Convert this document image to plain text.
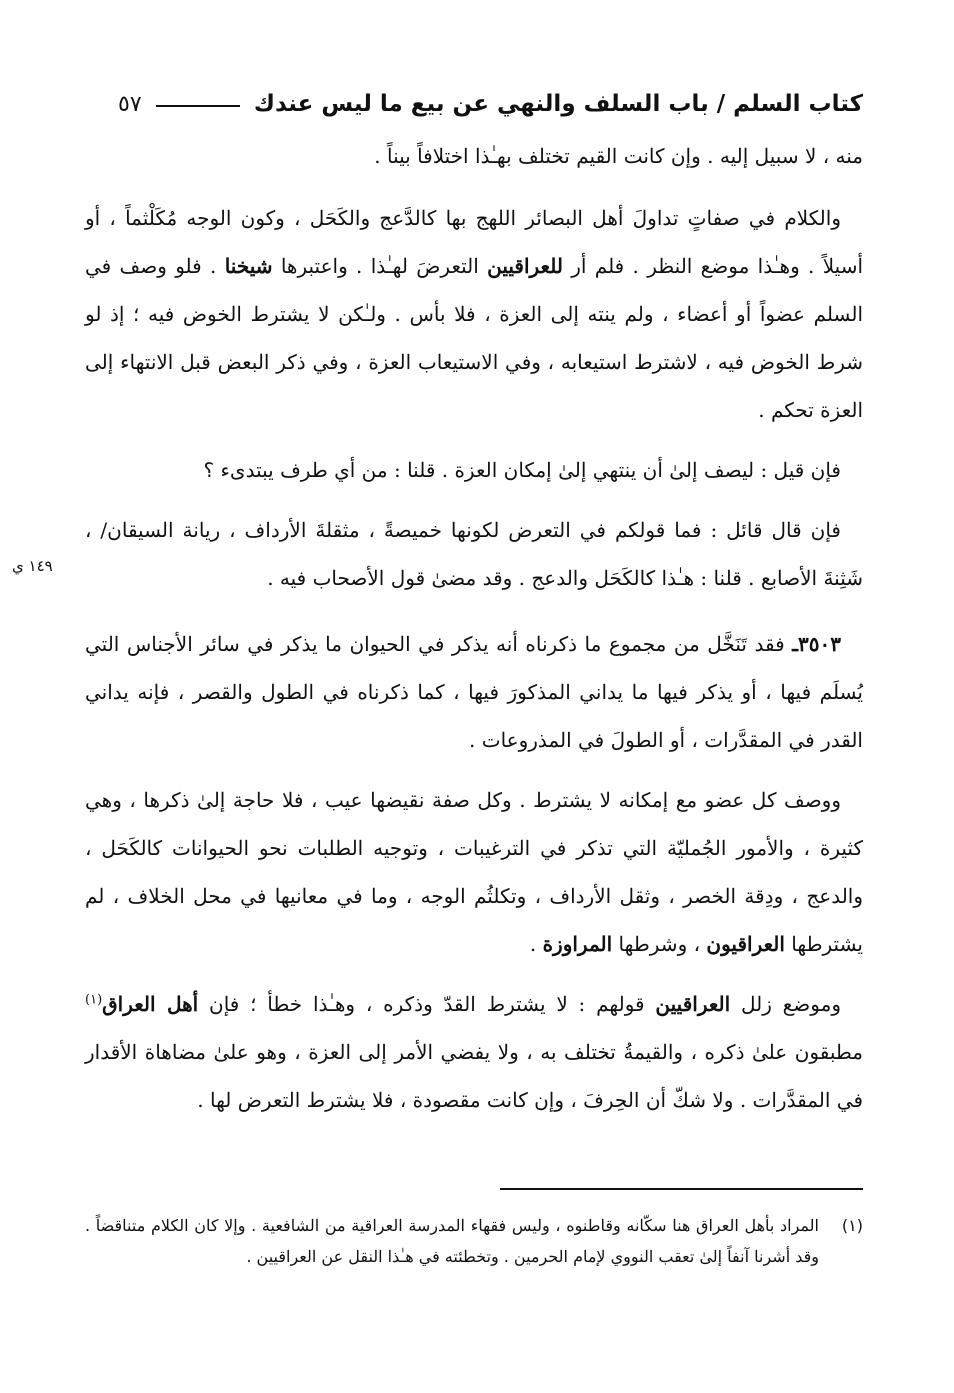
كتاب السلم / باب السلف والنهي عن بيع ما ليس عندك
٥٧
١٤٩ ي

منه ، لا سبيل إليه . وإن كانت القيم تختلف بهـٰذا اختلافاً بيناً .

والكلام في صفاتٍ تداولَ أهل البصائر اللهج بها كالدَّعج والكَحَل ، وكون الوجه مُكَلْثماً ، أو أسيلاً . وهـٰذا موضع النظر . فلم أر للعراقيين التعرضَ لهـٰذا . واعتبرها شيخنا . فلو وصف في السلم عضواً أو أعضاء ، ولم ينته إلى العزة ، فلا بأس . ولـٰكن لا يشترط الخوض فيه ؛ إذ لو شرط الخوض فيه ، لاشترط استيعابه ، وفي الاستيعاب العزة ، وفي ذكر البعض قبل الانتهاء إلى العزة تحكم .

فإن قيل : ليصف إلىٰ أن ينتهي إلىٰ إمكان العزة . قلنا : من أي طرف يبتدىء ؟

فإن قال قائل : فما قولكم في التعرض لكونها خميصةً ، مثقلةَ الأرداف ، ريانة السيقان/ ، شَثِنةَ الأصابع . قلنا : هـٰذا كالكَحَل والدعج . وقد مضىٰ قول الأصحاب فيه .

٣٥٠٣ـ فقد تَنَخَّل من مجموع ما ذكرناه أنه يذكر في الحيوان ما يذكر في سائر الأجناس التي يُسلَم فيها ، أو يذكر فيها ما يداني المذكورَ فيها ، كما ذكرناه في الطول والقصر ، فإنه يداني القدر في المقدَّرات ، أو الطولَ في المذروعات .

ووصف كل عضو مع إمكانه لا يشترط . وكل صفة نقيضها عيب ، فلا حاجة إلىٰ ذكرها ، وهي كثيرة ، والأمور الجُمليّة التي تذكر في الترغيبات ، وتوجيه الطلبات نحو الحيوانات كالكَحَل ، والدعج ، ودِقة الخصر ، وثقل الأرداف ، وتكلثُم الوجه ، وما في معانيها في محل الخلاف ، لم يشترطها العراقيون ، وشرطها المراوزة .

وموضع زلل العراقيين قولهم : لا يشترط القدّ وذكره ، وهـٰذا خطأ ؛ فإن أهل العراق$^{(١)}$ مطبقون علىٰ ذكره ، والقيمةُ تختلف به ، ولا يفضي الأمر إلى العزة ، وهو علىٰ مضاهاة الأقدار في المقدَّرات . ولا شكّ أن الحِرفَ ، وإن كانت مقصودة ، فلا يشترط التعرض لها .

(١)
المراد بأهل العراق هنا سكّانه وقاطنوه ، وليس فقهاء المدرسة العراقية من الشافعية . وإلا كان الكلام متناقضاً . وقد أشرنا آنفاً إلىٰ تعقب النووي لإمام الحرمين . وتخطئته في هـٰذا النقل عن العراقيين .
